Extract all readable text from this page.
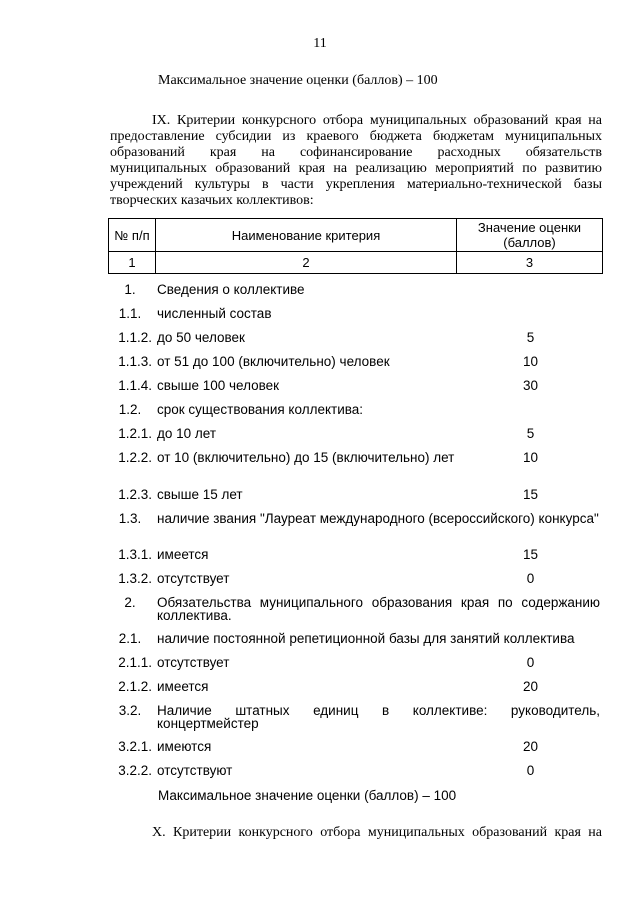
11
Максимальное значение оценки (баллов) – 100
IX. Критерии конкурсного отбора муниципальных образований края на
предоставление субсидии из краевого бюджета бюджетам муниципальных
образований края на софинансирование расходных обязательств
муниципальных образований края на реализацию мероприятий по развитию
учреждений культуры в части укрепления материально-технической базы
творческих казачьих коллективов:
№ п/п	Наименование критерия	Значение оценки
(баллов)

1	2	3
1.	Сведения о коллективе
1.1.	численный состав
1.1.2. до 50 человек	5
1.1.3. от 51 до 100 (включительно) человек	10
1.1.4. свыше 100 человек	30
1.2.	срок существования коллектива:
1.2.1. до 10 лет	5
1.2.2. от 10 (включительно) до 15 (включительно) лет	10
1.2.3. свыше 15 лет	15
1.3.	наличие звания "Лауреат международного (всероссийского) конкурса"
1.3.1. имеется	15
1.3.2. отсутствует	0
2.	Обязательства муниципального образования края по содержанию коллектива.
2.1.	наличие постоянной репетиционной базы для занятий коллектива
2.1.1. отсутствует	0
2.1.2. имеется	20
3.2.	Наличие штатных единиц в коллективе: руководитель, концертмейстер
3.2.1. имеются	20
3.2.2. отсутствуют	0
Максимальное значение оценки (баллов) – 100
X. Критерии конкурсного отбора муниципальных образований края на
